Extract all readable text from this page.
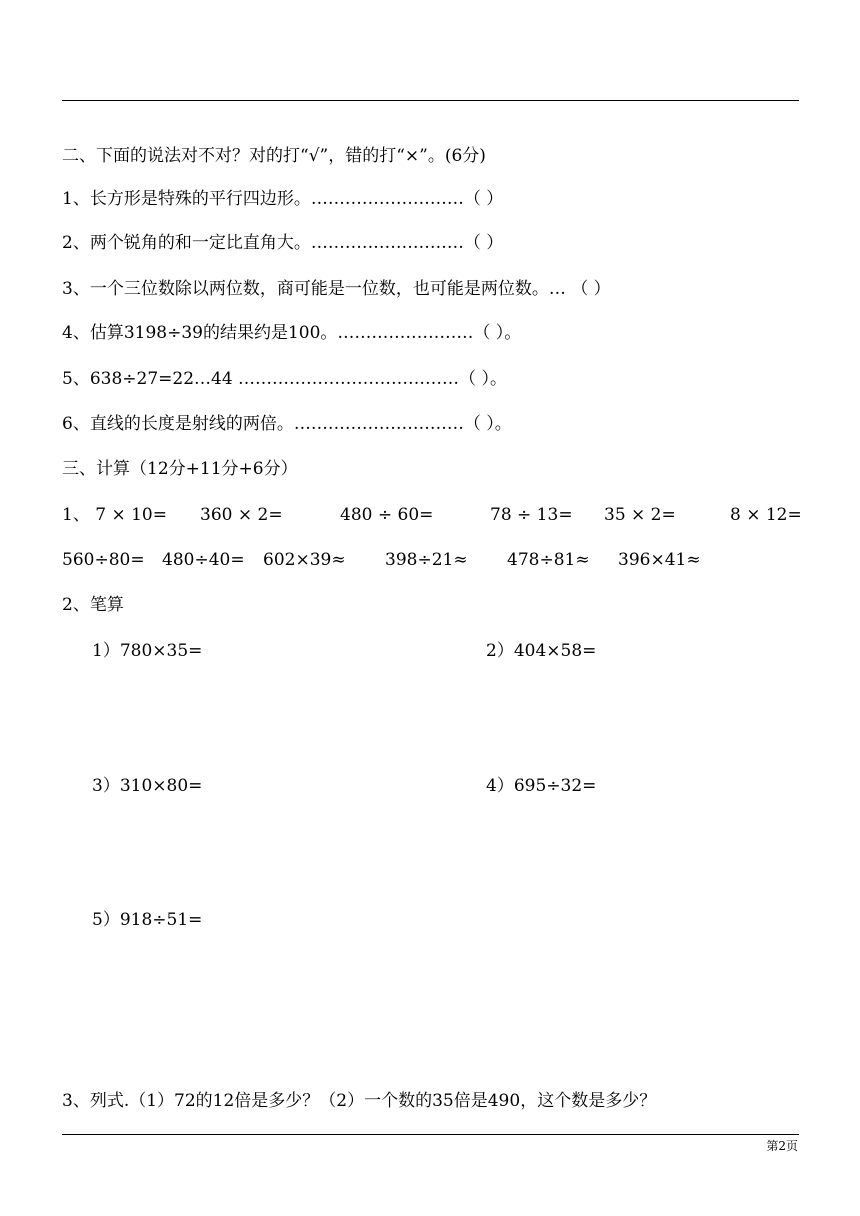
二、下面的说法对不对？对的打“√”，错的打“×”。(6分)
1、长方形是特殊的平行四边形。………………………（ ）
2、两个锐角的和一定比直角大。………………………（ ）
3、一个三位数除以两位数，商可能是一位数，也可能是两位数。… （ ）
4、估算3198÷39的结果约是100。……………………（ ）。
5、638÷27=22…44 …………………………………（ ）。
6、直线的长度是射线的两倍。…………………………（ ）。
三、计算（12分+11分+6分）
1、 7 × 10= 360 × 2=	480 ÷ 60=	78 ÷ 13= 35 × 2=	8 × 12=
560÷80= 480÷40= 602×39≈ 398÷21≈ 478÷81≈ 396×41≈
2、笔算
1）780×35=	2）404×58=
3）310×80=	4）695÷32=
5）918÷51=
3、列式.（1）72的12倍是多少？（2）一个数的35倍是490，这个数是多少？
第2页
